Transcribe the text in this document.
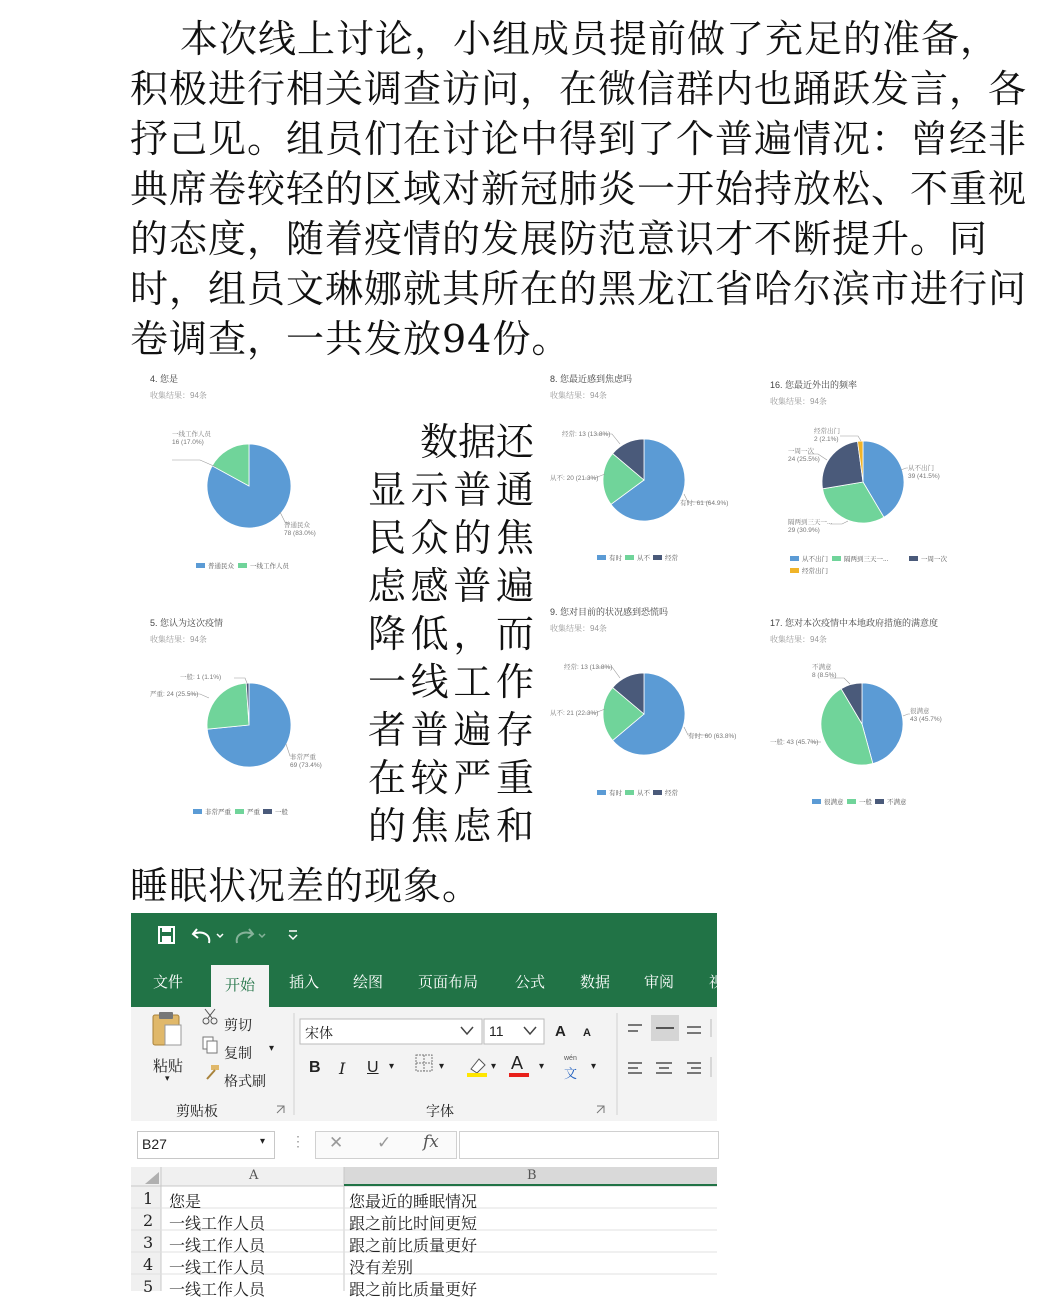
本次线上讨论，小组成员提前做了充足的准备，
积极进行相关调查访问，在微信群内也踊跃发言，各
抒己见。组员们在讨论中得到了个普遍情况：曾经非
典席卷较轻的区域对新冠肺炎一开始持放松、不重视
的态度，随着疫情的发展防范意识才不断提升。同
时，组员文琳娜就其所在的黑龙江省哈尔滨市进行问
卷调查，一共发放94份。
数据还
显示普通
民众的焦
虑感普遍
降低，而
一线工作
者普遍存
在较严重
的焦虑和
睡眠状况差的现象。
4. 您是
收集结果：94条
一线工作人员
16 (17.0%)
普通民众
78 (83.0%)
普通民众 一线工作人员
5. 您认为这次疫情
收集结果：94条
一般: 1 (1.1%)
严重: 24 (25.5%)
非常严重
69 (73.4%)
非常严重 严重 一般
8. 您最近感到焦虑吗
收集结果：94条
经常: 13 (13.8%)
从不: 20 (21.3%)
有时: 61 (64.9%)
有时 从不 经常
9. 您对目前的状况感到恐慌吗
收集结果：94条
经常: 13 (13.8%)
从不: 21 (22.3%)
有时: 60 (63.8%)
有时 从不 经常
16. 您最近外出的频率
收集结果：94条
经常出门
2 (2.1%)
一周一次
24 (25.5%)
从不出门
39 (41.5%)
隔两到三天一...
29 (30.9%)
从不出门 隔两到三天一...	一周一次
经常出门
17. 您对本次疫情中本地政府措施的满意度
收集结果：94条
不满意
8 (8.5%)
很满意
43 (45.7%)
一般: 43 (45.7%)
很满意 一般 不满意
文件	开始	插入 绘图 页面布局 公式 数据 审阅 视
粘贴
▾
剪切
复制 ▾
格式刷
剪贴板
宋体	11	A A
B I U ▾	▾	▾ A ▾
wén
文 ▾
字体
B27	▾ ⋮ ✕ ✓ fx
A	B
1 您是	您最近的睡眠情况
2 一线工作人员	跟之前比时间更短
3 一线工作人员	跟之前比质量更好
4 一线工作人员	没有差别
5 一线工作人员	跟之前比质量更好
